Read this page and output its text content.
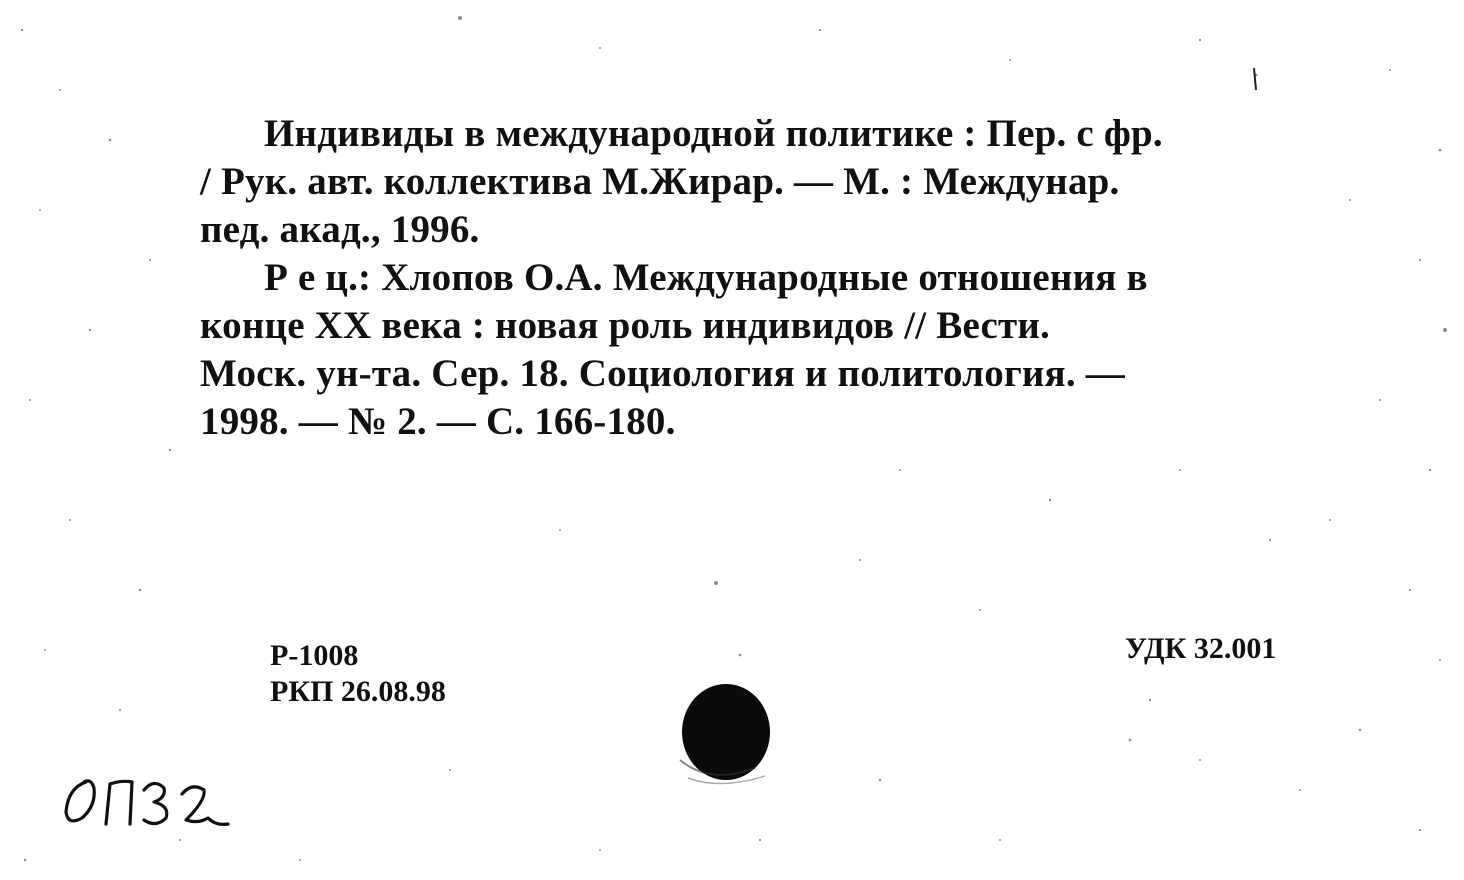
Индивиды в международной политике : Пер. с фр.
/ Рук. авт. коллектива М.Жирар. — М. : Междунар.
пед. акад., 1996.
Р е ц.: Хлопов О.А. Международные отношения в
конце XX века : новая роль индивидов // Вести.
Моск. ун-та. Сер. 18. Социология и политология. —
1998. — № 2. — С. 166-180.
Р-1008
РКП 26.08.98
УДК 32.001
